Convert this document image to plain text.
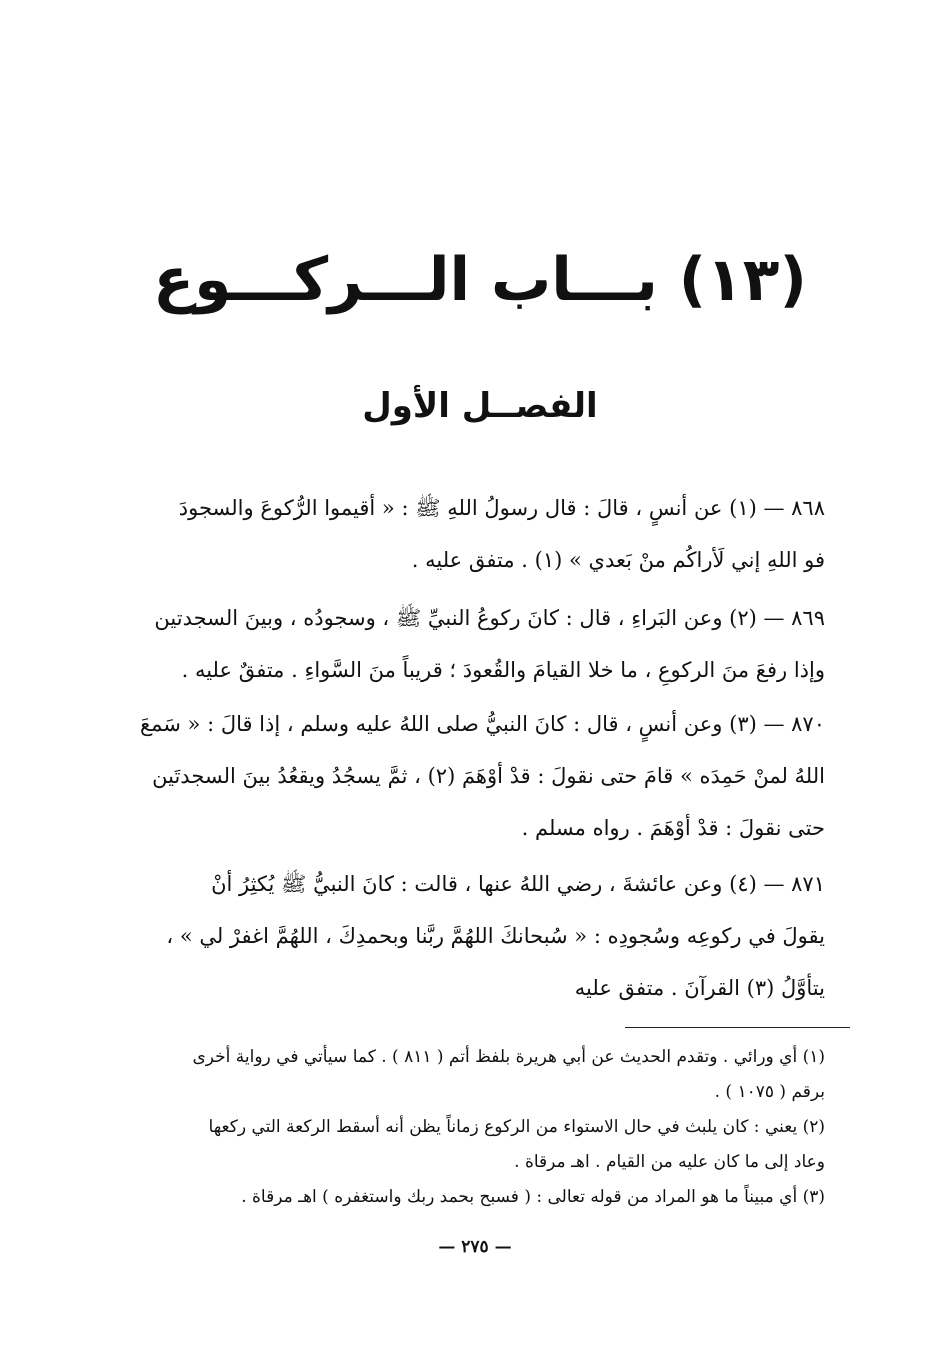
(١٣) بـــاب الـــركـــوع
الفصــل الأول
٨٦٨ — (١) عن أنسٍ ، قالَ : قال رسولُ اللهِ ﷺ : « أقيموا الرُّكوعَ والسجودَ
فو اللهِ إني لَأراكُم منْ بَعدي » (١) . متفق عليه .
٨٦٩ — (٢) وعن البَراءِ ، قال : كانَ ركوعُ النبيِّ ﷺ ، وسجودُه ، وبينَ السجدتين
وإذا رفعَ منَ الركوعِ ، ما خلا القيامَ والقُعودَ ؛ قريباً منَ السَّواءِ . متفقٌ عليه .
٨٧٠ — (٣) وعن أنسٍ ، قال : كانَ النبيُّ صلى اللهُ عليه وسلم ، إذا قالَ : « سَمعَ
اللهُ لمنْ حَمِدَه » قامَ حتى نقولَ : قدْ أوْهَمَ (٢) ، ثمَّ يسجُدُ ويقعُدُ بينَ السجدتَين
حتى نقولَ : قدْ أوْهَمَ . رواه مسلم .
٨٧١ — (٤) وعن عائشةَ ، رضي اللهُ عنها ، قالت : كانَ النبيُّ ﷺ يُكثِرُ أنْ
يقولَ في ركوعِه وسُجودِه : « سُبحانكَ اللهُمَّ ربَّنا وبحمدِكَ ، اللهُمَّ اغفرْ لي » ،
يتأوَّلُ (٣) القرآنَ . متفق عليه
(١) أي ورائي . وتقدم الحديث عن أبي هريرة بلفظ أتم ( ٨١١ ) . كما سيأتي في رواية أخرى
برقم ( ١٠٧٥ ) .
(٢) يعني : كان يلبث في حال الاستواء من الركوع زماناً يظن أنه أسقط الركعة التي ركعها
وعاد إلى ما كان عليه من القيام . اهـ مرقاة .
(٣) أي مبيناً ما هو المراد من قوله تعالى : ( فسبح بحمد ربك واستغفره ) اهـ مرقاة .
— ٢٧٥ —
